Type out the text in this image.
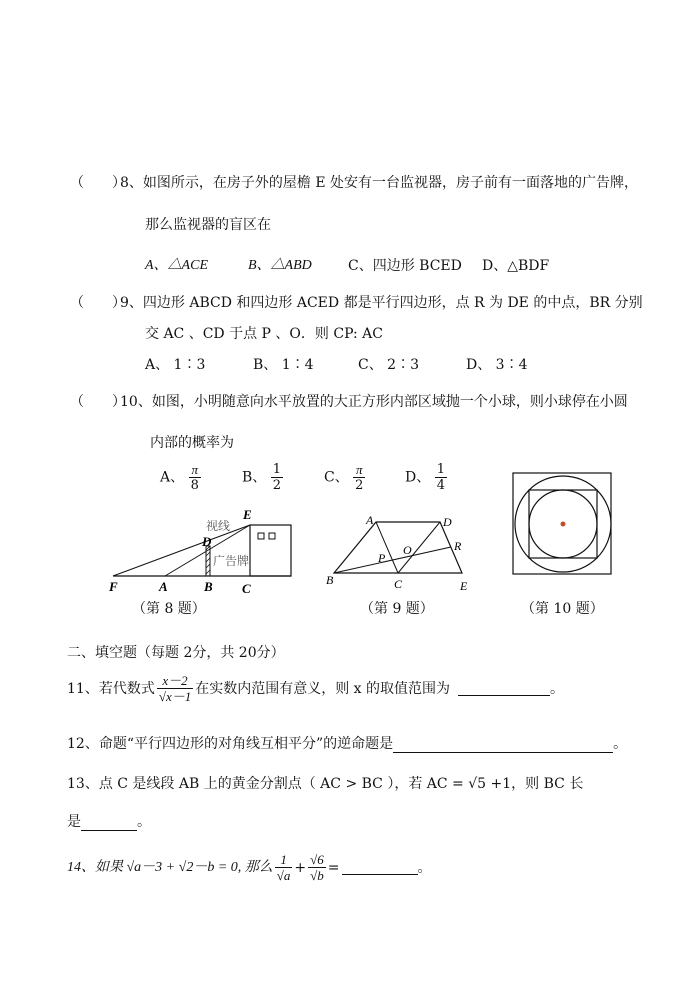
（　　）
8、如图所示，在房子外的屋檐 E 处安有一台监视器，房子前有一面落地的广告牌，
那么监视器的盲区在
A、△ACE	B、△ABD	C、四边形 BCED D、△BDF
（　　）
9、四边形 ABCD 和四边形 ACED 都是平行四边形，点 R 为 DE 的中点，BR 分别
交 AC 、CD 于点 P 、O．则 CP: AC
A、 1∶3	B、 1∶4	C、 2∶3	D、 3∶4
（　　）
10、如图，小明随意向水平放置的大正方形内部区域抛一个小球，则小球停在小圆
内部的概率为
A、 $\frac{\pi}{8}$	B、 $\frac{1}{2}$	C、 $\frac{\pi}{2}$	D、 $\frac{1}{4}$
E
D
视线
广告牌
F	A	B C
（第 8 题）
A	D
R
O
P
B	C	E
（第 9 题）	（第 10 题）
二、填空题（每题 2分，共 20分）
11、若代数式 $\frac{x-2}{√x-1}$ 在实数内范围有意义，则 x 的取值范围为	。
12、命题“平行四边形的对角线互相平分”的逆命题是	。
13、点 C 是线段 AB 上的黄金分割点（ AC > BC ），若 AC = √5 +1，则 BC 长
是	。
14、如果 √a－3 + √2－b = 0, 那么 $\frac{1}{√a} + \frac{√6}{√b}$ =	。
